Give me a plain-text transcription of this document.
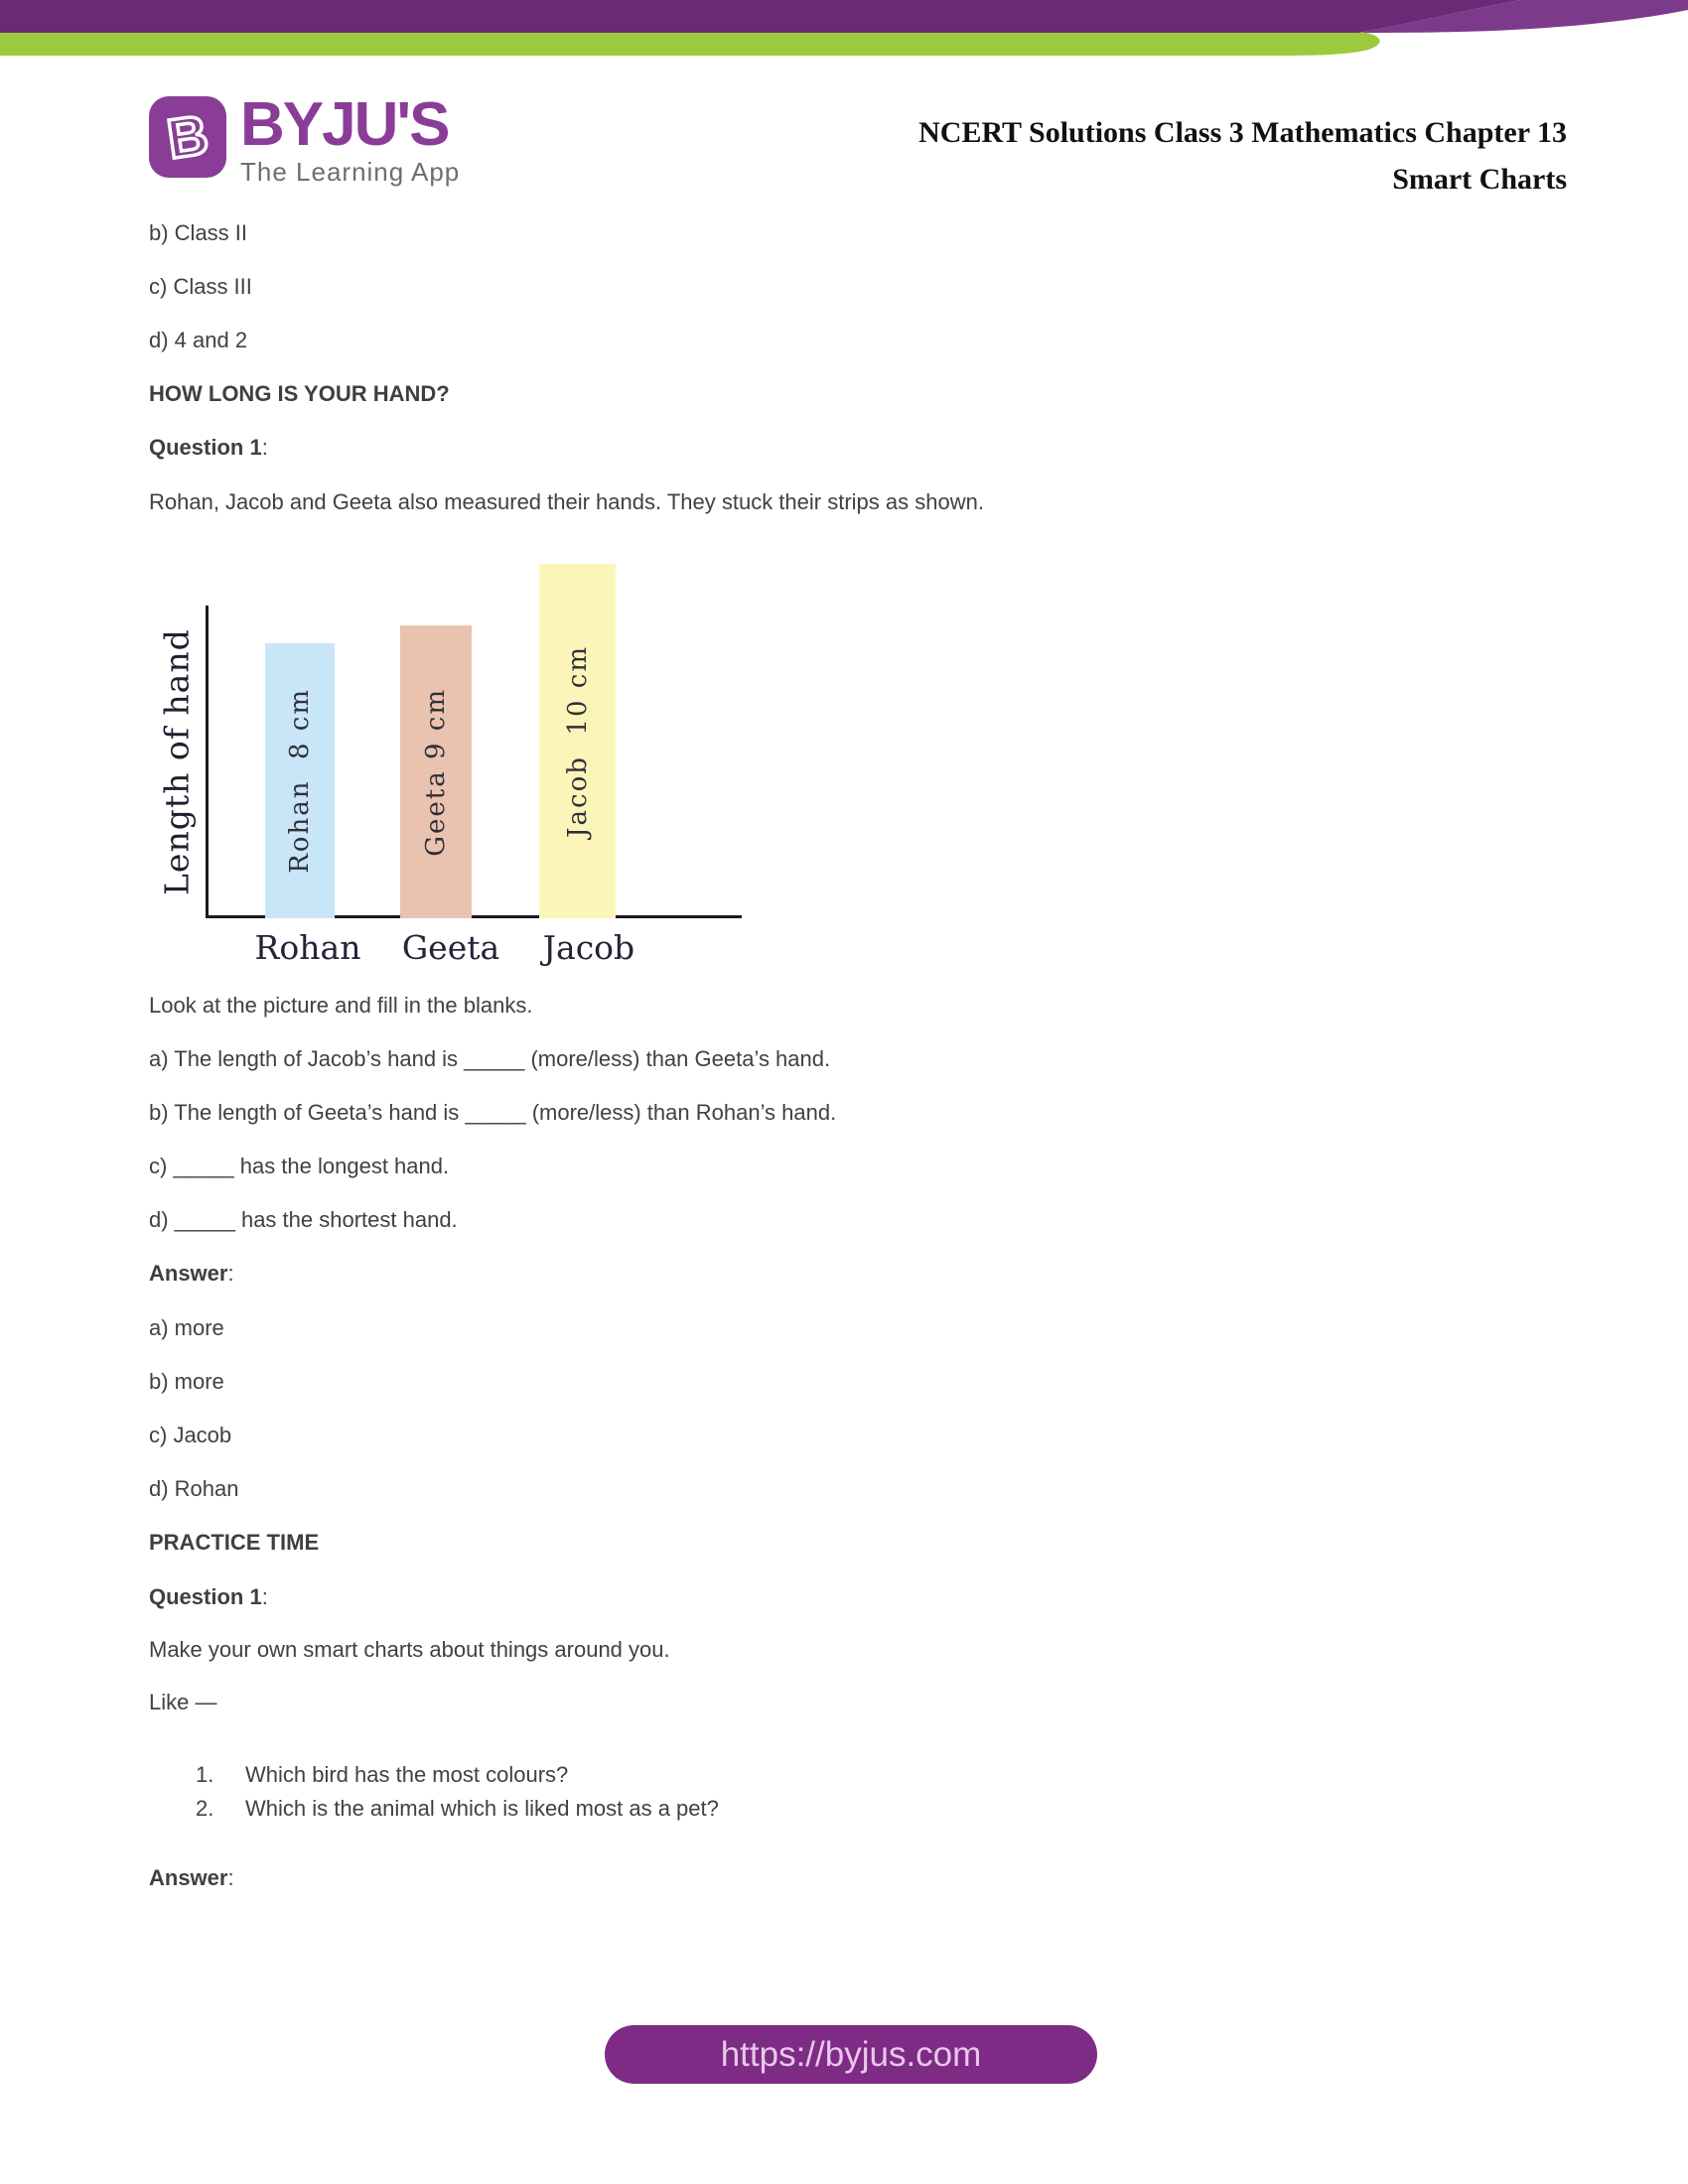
B BYJU'S
The Learning App
NCERT Solutions Class 3 Mathematics Chapter 13
Smart Charts

b) Class II

c) Class III

d) 4 and 2

HOW LONG IS YOUR HAND?

Question 1:

Rohan, Jacob and Geeta also measured their hands. They stuck their strips as shown.

Length of hand	Rohan  8 cm
Rohan
Geeta 9 cm
Geeta
Jacob  10 cm
Jacob

Look at the picture and fill in the blanks.

a) The length of Jacob’s hand is _____ (more/less) than Geeta’s hand.

b) The length of Geeta’s hand is _____ (more/less) than Rohan’s hand.

c) _____ has the longest hand.

d) _____ has the shortest hand.

Answer:

a) more

b) more

c) Jacob

d) Rohan

PRACTICE TIME

Question 1:

Make your own smart charts about things around you.

Like —

1. Which bird has the most colours?

2. Which is the animal which is liked most as a pet?

Answer:

https://byjus.com
